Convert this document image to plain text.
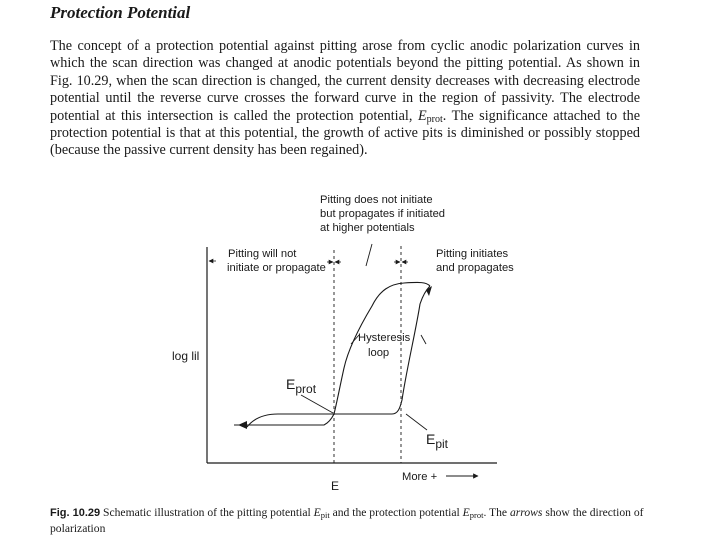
Protection Potential
The concept of a protection potential against pitting arose from cyclic anodic polarization curves in which the scan direction was changed at anodic potentials beyond the pitting potential. As shown in Fig. 10.29, when the scan direction is changed, the current density decreases with decreasing electrode potential until the reverse curve crosses the forward curve in the region of passivity. The electrode potential at this intersection is called the protection potential, $E_{prot}$. The significance attached to the protection potential is that at this potential, the growth of active pits is diminished or possibly stopped (because the passive current density has been regained).
Pitting does not initiate
but propagates if initiated
at higher potentials
Pitting will not
initiate or propagate
Pitting initiates
and propagates
Hysteresis
loop
log lil
Eprot
Epit
E
More +
Fig. 10.29 Schematic illustration of the pitting potential $E_{pit}$ and the protection potential $E_{prot}$. The arrows show the direction of polarization
